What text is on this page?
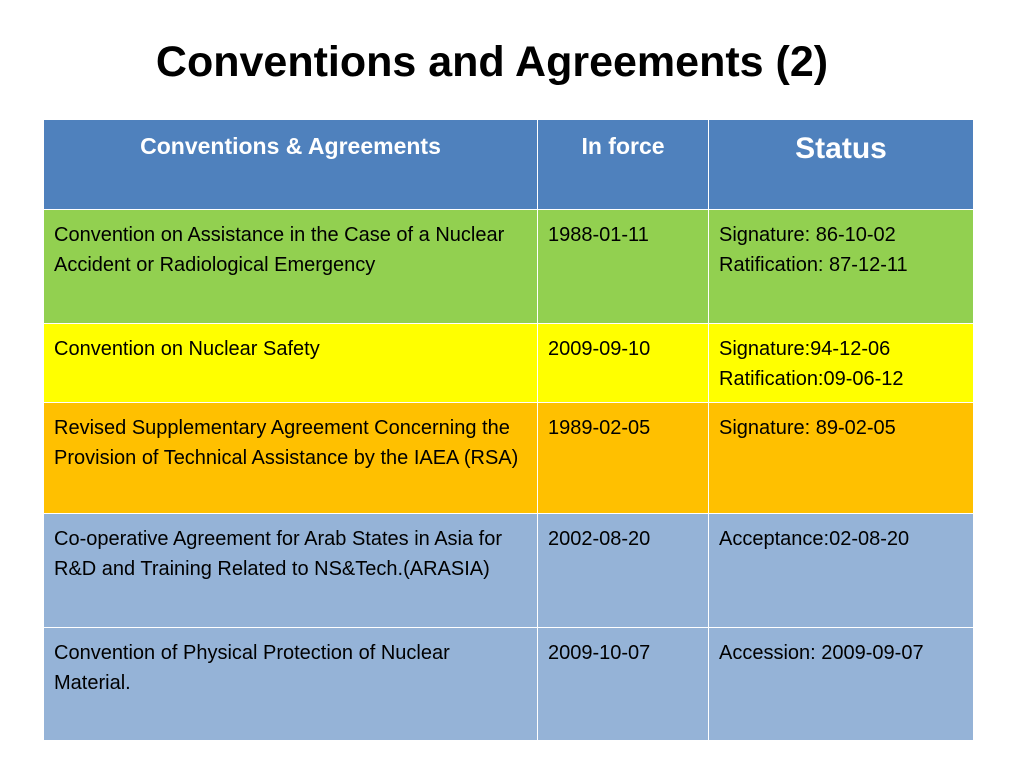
Conventions and Agreements (2)
Conventions & Agreements	In force	Status
Convention on Assistance in the Case of a Nuclear Accident or Radiological Emergency	1988-01-11	Signature: 86-10-02
Ratification: 87-12-11

Convention on Nuclear Safety	2009-09-10	Signature:94-12-06
Ratification:09-06-12

Revised Supplementary Agreement Concerning the Provision of Technical Assistance by the IAEA (RSA)	1989-02-05	Signature: 89-02-05

Co-operative Agreement for Arab States in Asia for R&D and Training Related to NS&Tech.(ARASIA)	2002-08-20	Acceptance:02-08-20

Convention of Physical Protection of Nuclear Material.	2009-10-07	Accession: 2009-09-07
